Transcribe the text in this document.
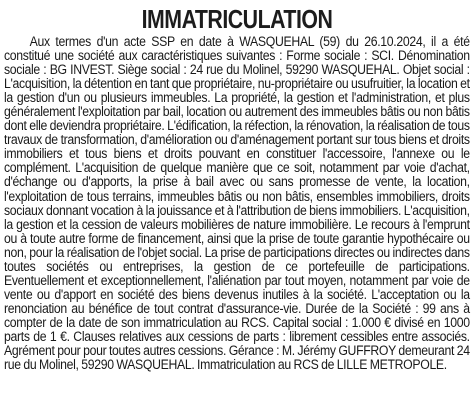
IMMATRICULATION

Aux termes d'un acte SSP en date à WASQUEHAL (59) du 26.10.2024, il a été constitué une société aux caractéristiques suivantes : Forme sociale : SCI. Dénomination sociale : BG INVEST. Siège social : 24 rue du Molinel, 59290 WASQUEHAL. Objet social : L'acquisition, la détention en tant que propriétaire, nu-propriétaire ou usufruitier, la location et la gestion d'un ou plusieurs immeubles. La propriété, la gestion et l'administration, et plus généralement l'exploitation par bail, location ou autrement des immeubles bâtis ou non bâtis dont elle deviendra propriétaire. L'édification, la réfection, la rénovation, la réalisation de tous travaux de transformation, d'amélioration ou d'aménagement portant sur tous biens et droits immobiliers et tous biens et droits pouvant en constituer l'accessoire, l'annexe ou le complément. L'acquisition de quelque manière que ce soit, notamment par voie d'achat, d'échange ou d'apports, la prise à bail avec ou sans promesse de vente, la location, l'exploitation de tous terrains, immeubles bâtis ou non bâtis, ensembles immobiliers, droits sociaux donnant vocation à la jouissance et à l'attribution de biens immobiliers. L'acquisition, la gestion et la cession de valeurs mobilières de nature immobilière. Le recours à l'emprunt ou à toute autre forme de financement, ainsi que la prise de toute garantie hypothécaire ou non, pour la réalisation de l'objet social. La prise de participations directes ou indirectes dans toutes sociétés ou entreprises, la gestion de ce portefeuille de participations. Eventuellement et exceptionnellement, l'aliénation par tout moyen, notamment par voie de vente ou d'apport en société des biens devenus inutiles à la société. L'acceptation ou la renonciation au bénéfice de tout contrat d'assurance-vie. Durée de la Société : 99 ans à compter de la date de son immatriculation au RCS. Capital social : 1.000 € divisé en 1000 parts de 1 €. Clauses relatives aux cessions de parts : librement cessibles entre associés. Agrément pour pour toutes autres cessions. Gérance : M. Jérémy GUFFROY demeurant 24 rue du Molinel, 59290 WASQUEHAL. Immatriculation au RCS de LILLE METROPOLE.
